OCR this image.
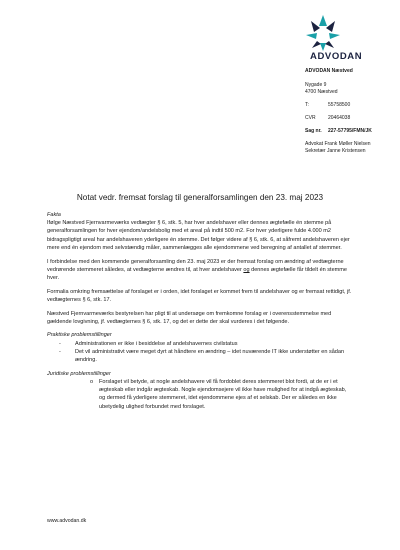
ADVODAN
ADVODAN Næstved
Nygade 9
4700 Næstved
T:	55758500
CVR	20464038
Sag nr.	227-57795/FMN/JK
Advokat Frank Møller Nielsen
Sekretær Janne Kristensen
Notat vedr. fremsat forslag til generalforsamlingen den 23. maj 2023
Fakta

Ifølge Næstved Fjernvarmeværks vedtægter § 6, stk. 5, har hver andelshaver eller dennes ægtefælle én stemme på generalforsamlingen for hver ejendom/andelsbolig med et areal på indtil 500 m2. For hver yderligere fulde 4.000 m2 bidragspligtigt areal har andelshaveren yderligere én stemme. Det følger videre af § 6, stk. 6, at såfremt andelshaveren ejer mere end én ejendom med selvstændig måler, sammenlægges alle ejendommene ved beregning af antallet af stemmer.

I forbindelse med den kommende generalforsamling den 23. maj 2023 er der fremsat forslag om ændring af vedtægterne vedrørende stemmeret således, at vedtægterne ændres til, at hver andelshaver og dennes ægtefælle får tildelt én stemme hver.

Formalia omkring fremsættelse af forslaget er i orden, idet forslaget er kommet frem til andelshaver og er fremsat rettidigt, jf. vedtægternes § 6, stk. 17.

Næstved Fjernvarmeværks bestyrelsen har pligt til at undersøge om fremkomne forslag er i overensstemmelse med gældende lovgivning, jf. vedtægternes § 6, stk. 17, og det er dette der skal vurderes i det følgende.

Praktiske problemstillinger
- Administrationen er ikke i besiddelse af andelshavernes civilstatus
- Det vil administrativt være meget dyrt at håndtere en ændring – idet nuværende IT ikke understøtter en sådan ændring.
Juridiske problemstillinger
o Forslaget vil betyde, at nogle andelshavere vil få fordoblet deres stemmeret blot fordi, at de er i et ægteskab eller indgår ægteskab. Nogle ejendomsejere vil ikke have mulighed for at indgå ægteskab, og dermed få yderligere stemmeret, idet ejendommene ejes af et selskab. Der er således en ikke ubetydelig ulighed forbundet med forslaget.
www.advodan.dk
